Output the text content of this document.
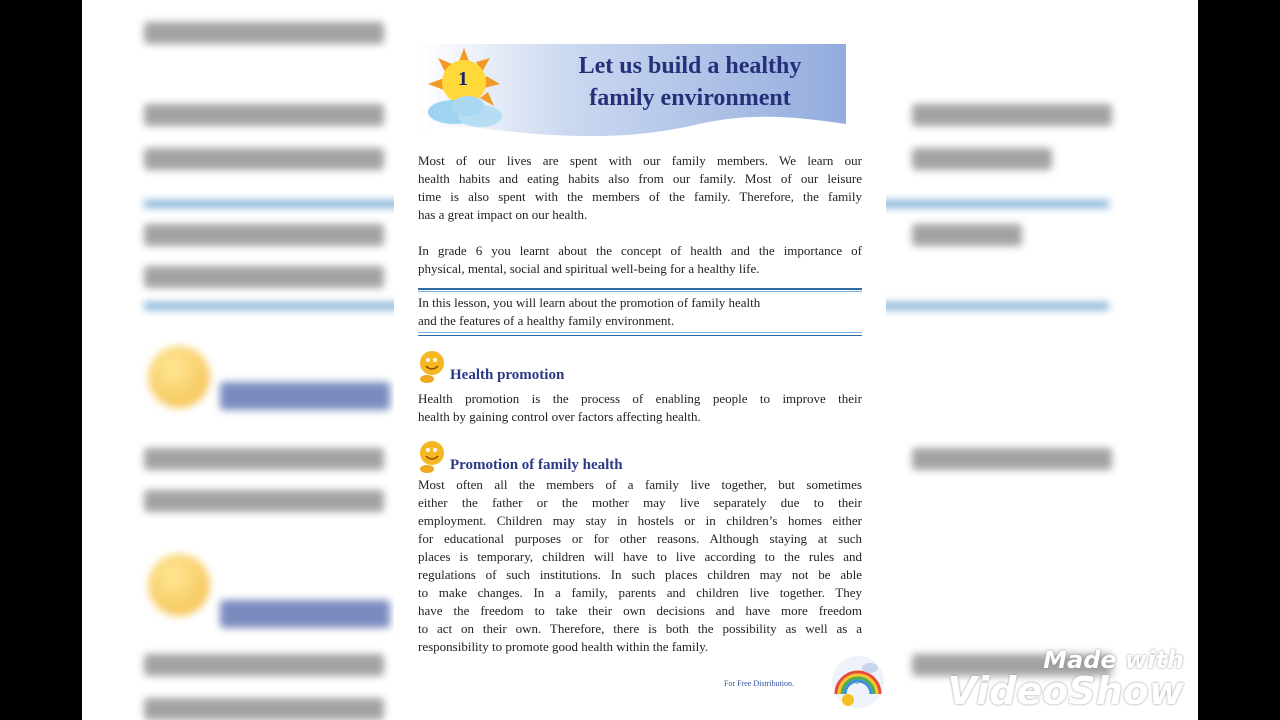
1	Let us build a healthy
family environment
Most of our lives are spent with our family members. We learn our
health habits and eating habits also from our family. Most of our leisure
time is also spent with the members of the family. Therefore, the family
has a great impact on our health.
In grade 6 you learnt about the concept of health and the importance of
physical, mental, social and spiritual well-being for a healthy life.
In this lesson, you will learn about the promotion of family health
and the features of a healthy family environment.
Health promotion
Health promotion is the process of enabling people to improve their
health by gaining control over factors affecting health.
Promotion of family health
Most often all the members of a family live together, but sometimes
either the father or the mother may live separately due to their
employment. Children may stay in hostels or in children’s homes either
for educational purposes or for other reasons. Although staying at such
places is temporary, children will have to live according to the rules and
regulations of such institutions. In such places children may not be able
to make changes. In a family, parents and children live together. They
have the freedom to take their own decisions and have more freedom
to act on their own. Therefore, there is both the possibility as well as a
responsibility to promote good health within the family.
For Free Distribution.	1
Made with
VideoShow
